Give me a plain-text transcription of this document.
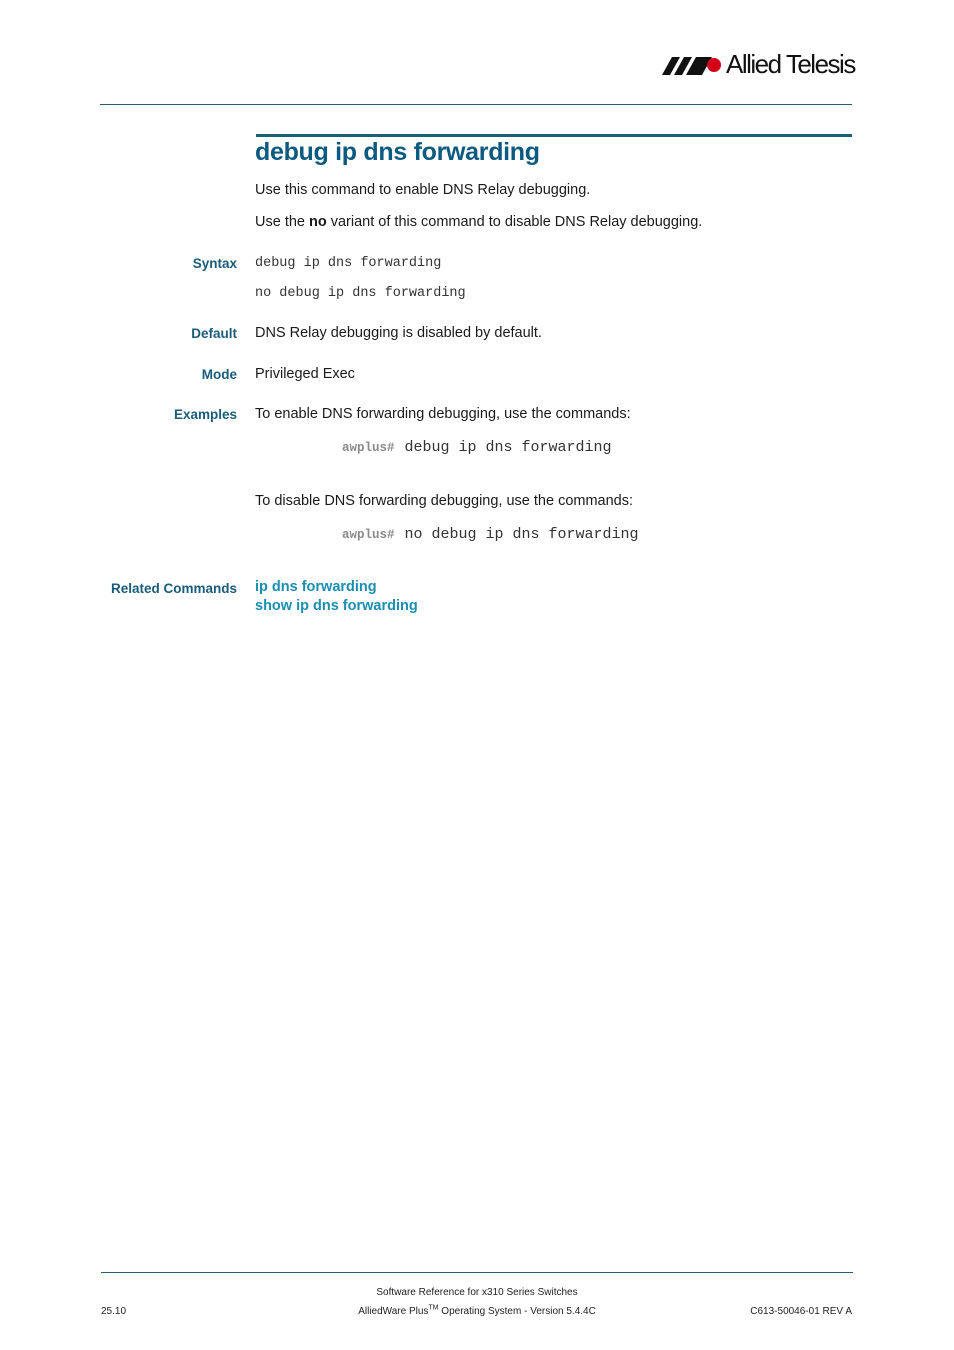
Allied Telesis
debug ip dns forwarding
Use this command to enable DNS Relay debugging.
Use the no variant of this command to disable DNS Relay debugging.
Syntax debug ip dns forwarding
no debug ip dns forwarding
Default DNS Relay debugging is disabled by default.
Mode Privileged Exec
Examples To enable DNS forwarding debugging, use the commands:
awplus# debug ip dns forwarding
To disable DNS forwarding debugging, use the commands:
awplus# no debug ip dns forwarding
Related Commands ip dns forwarding
show ip dns forwarding
25.10
Software Reference for x310 Series Switches
AlliedWare Plus™ Operating System - Version 5.4.4C	C613-50046-01 REV A
